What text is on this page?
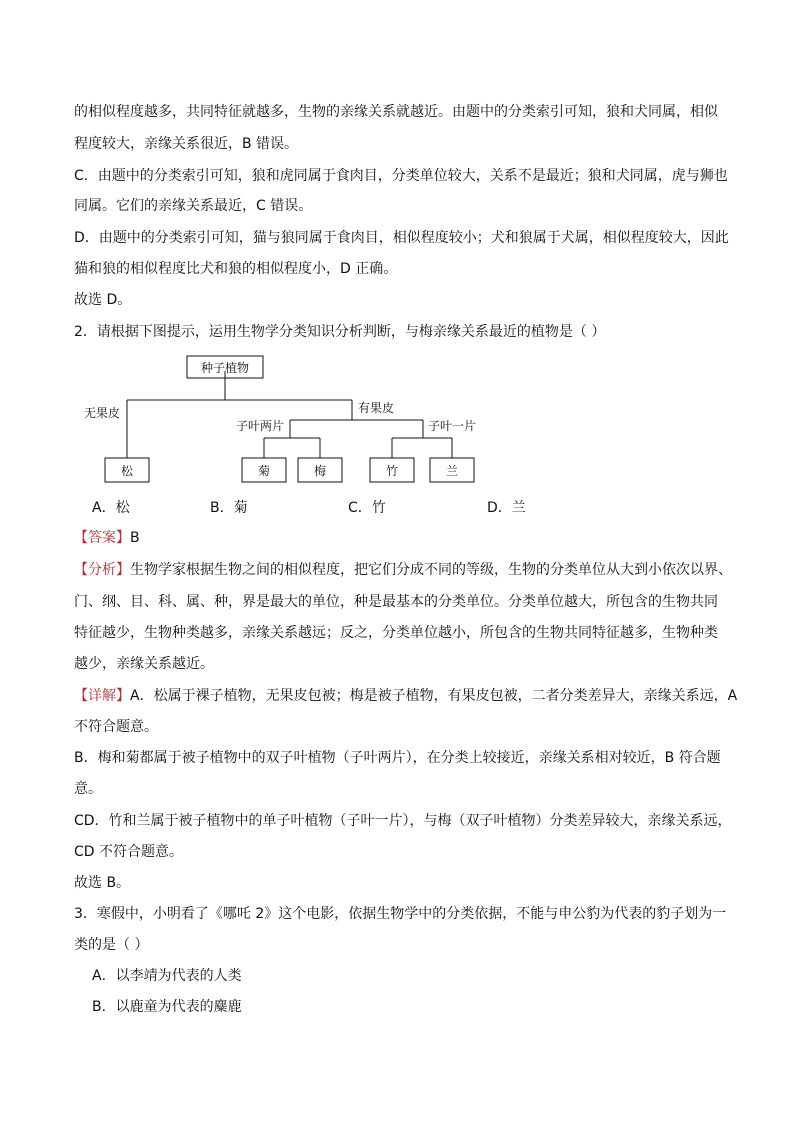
的相似程度越多，共同特征就越多，生物的亲缘关系就越近。由题中的分类索引可知，狼和犬同属，相似
程度较大，亲缘关系很近，B 错误。
C．由题中的分类索引可知，狼和虎同属于食肉目，分类单位较大，关系不是最近；狼和犬同属，虎与狮也
同属。它们的亲缘关系最近，C 错误。
D．由题中的分类索引可知，猫与狼同属于食肉目，相似程度较小；犬和狼属于犬属，相似程度较大，因此
猫和狼的相似程度比犬和狼的相似程度小，D 正确。
故选 D。
2．请根据下图提示，运用生物学分类知识分析判断，与梅亲缘关系最近的植物是（ ）
种子植物
无果皮	有果皮
子叶两片	子叶一片
松	菊	梅	竹	兰
A．松	B．菊	C．竹	D．兰
【答案】B
【分析】生物学家根据生物之间的相似程度，把它们分成不同的等级，生物的分类单位从大到小依次以界、
门、纲、目、科、属、种，界是最大的单位，种是最基本的分类单位。分类单位越大，所包含的生物共同
特征越少，生物种类越多，亲缘关系越远；反之，分类单位越小，所包含的生物共同特征越多，生物种类
越少，亲缘关系越近。
【详解】A．松属于裸子植物，无果皮包被；梅是被子植物，有果皮包被，二者分类差异大，亲缘关系远，A
不符合题意。
B．梅和菊都属于被子植物中的双子叶植物（子叶两片），在分类上较接近，亲缘关系相对较近，B 符合题
意。
CD．竹和兰属于被子植物中的单子叶植物（子叶一片），与梅（双子叶植物）分类差异较大，亲缘关系远，
CD 不符合题意。
故选 B。
3．寒假中，小明看了《哪吒 2》这个电影，依据生物学中的分类依据，不能与申公豹为代表的豹子划为一
类的是（ ）
A．以李靖为代表的人类
B．以鹿童为代表的麋鹿
